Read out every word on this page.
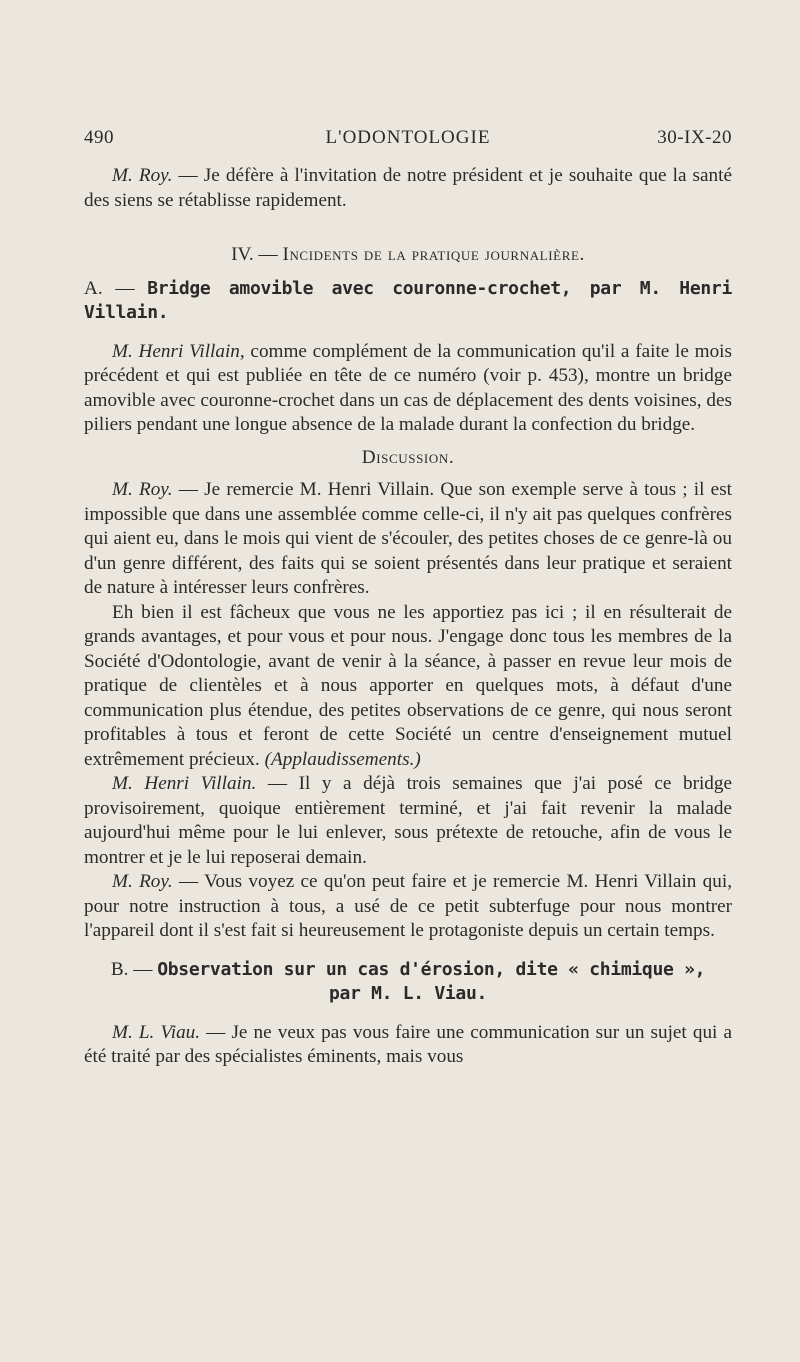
490	L'ODONTOLOGIE	30-IX-20

M. Roy. — Je défère à l'invitation de notre président et je souhaite que la santé des siens se rétablisse rapidement.

IV. — Incidents de la pratique journalière.

A. — Bridge amovible avec couronne-crochet, par M. Henri Villain.

M. Henri Villain, comme complément de la communication qu'il a faite le mois précédent et qui est publiée en tête de ce numéro (voir p. 453), montre un bridge amovible avec couronne-crochet dans un cas de déplacement des dents voisines, des piliers pendant une longue absence de la malade durant la confection du bridge.

Discussion.

M. Roy. — Je remercie M. Henri Villain. Que son exemple serve à tous ; il est impossible que dans une assemblée comme celle-ci, il n'y ait pas quelques confrères qui aient eu, dans le mois qui vient de s'écouler, des petites choses de ce genre-là ou d'un genre différent, des faits qui se soient présentés dans leur pratique et seraient de nature à intéresser leurs confrères.

Eh bien il est fâcheux que vous ne les apportiez pas ici ; il en résulterait de grands avantages, et pour vous et pour nous. J'engage donc tous les membres de la Société d'Odontologie, avant de venir à la séance, à passer en revue leur mois de pratique de clientèles et à nous apporter en quelques mots, à défaut d'une communication plus étendue, des petites observations de ce genre, qui nous seront profitables à tous et feront de cette Société un centre d'enseignement mutuel extrêmement précieux. (Applaudissements.)

M. Henri Villain. — Il y a déjà trois semaines que j'ai posé ce bridge provisoirement, quoique entièrement terminé, et j'ai fait revenir la malade aujourd'hui même pour le lui enlever, sous prétexte de retouche, afin de vous le montrer et je le lui reposerai demain.

M. Roy. — Vous voyez ce qu'on peut faire et je remercie M. Henri Villain qui, pour notre instruction à tous, a usé de ce petit subterfuge pour nous montrer l'appareil dont il s'est fait si heureusement le protagoniste depuis un certain temps.

B. — Observation sur un cas d'érosion, dite « chimique »,
par M. L. Viau.

M. L. Viau. — Je ne veux pas vous faire une communication sur un sujet qui a été traité par des spécialistes éminents, mais vous
